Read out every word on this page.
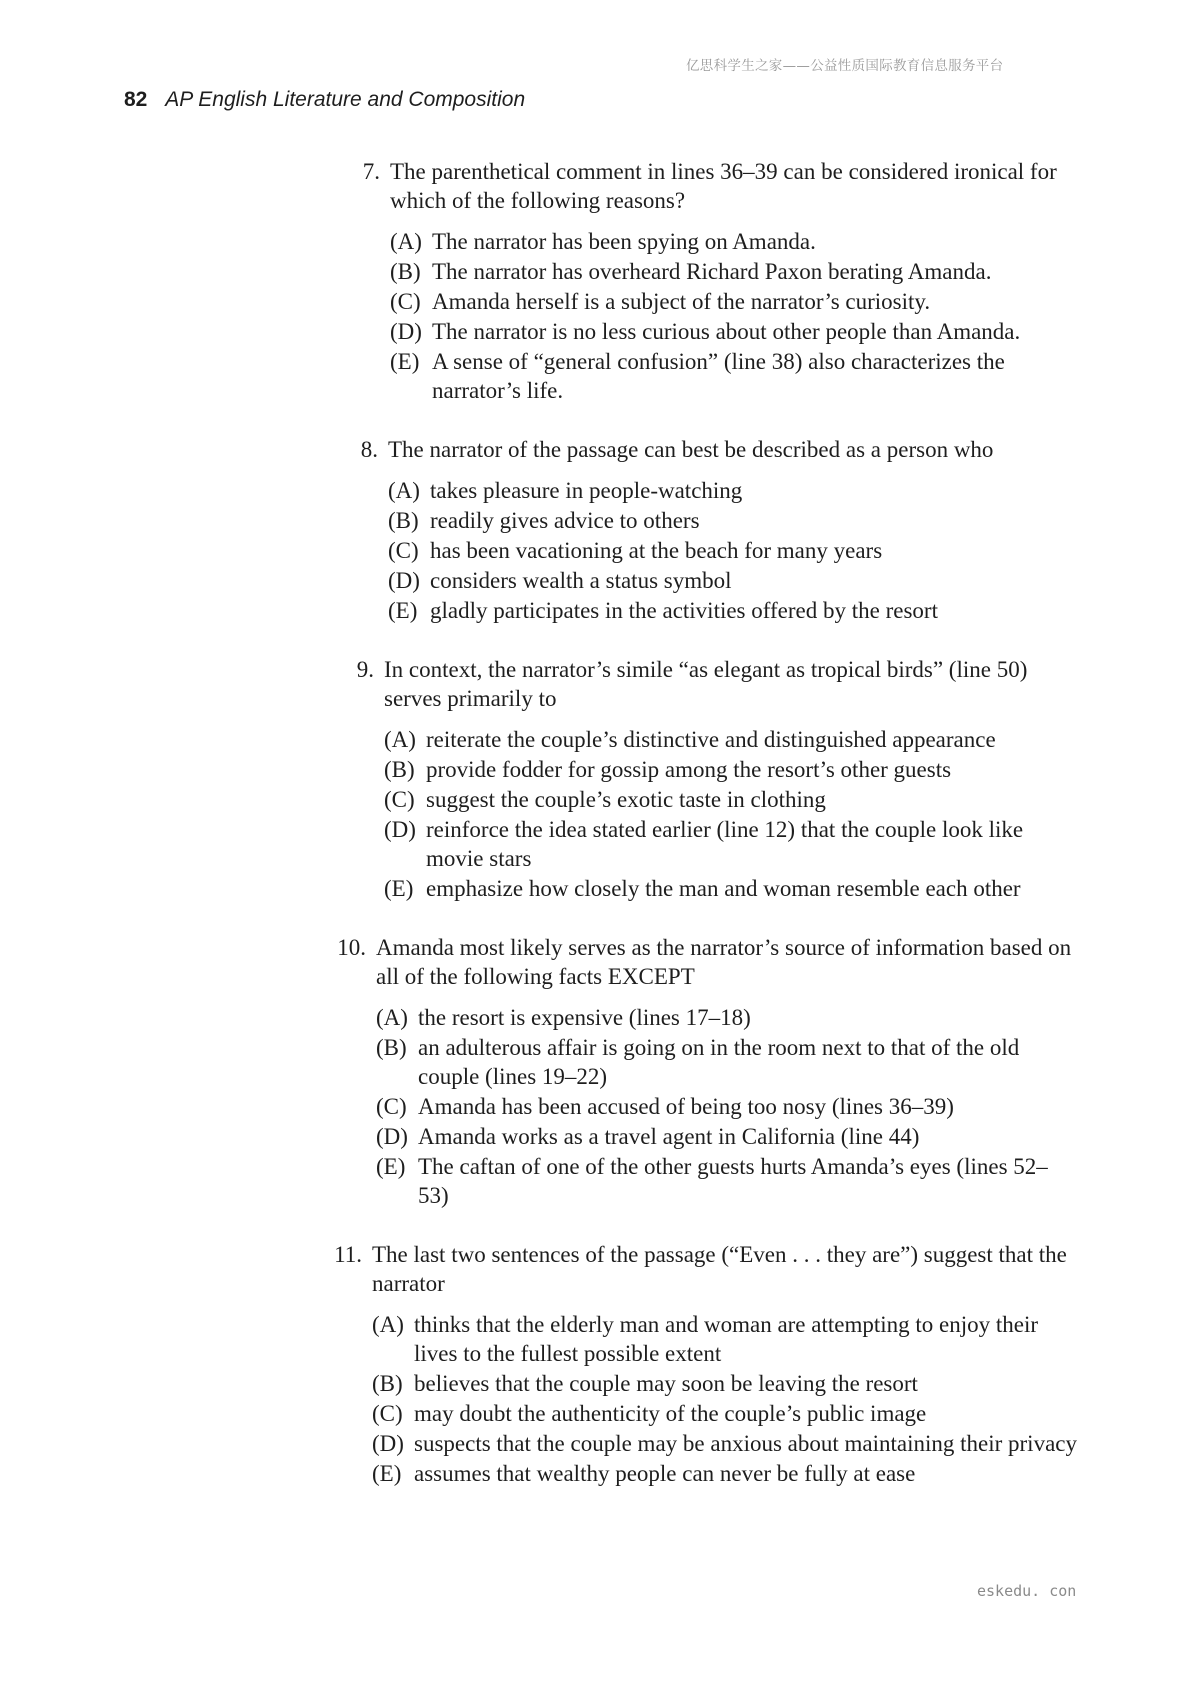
亿思科学生之家——公益性质国际教育信息服务平台
82 AP English Literature and Composition
7. The parenthetical comment in lines 36–39 can be considered ironical for which of the following reasons?
(A) The narrator has been spying on Amanda.
(B) The narrator has overheard Richard Paxon berating Amanda.
(C) Amanda herself is a subject of the narrator’s curiosity.
(D) The narrator is no less curious about other people than Amanda.
(E) A sense of “general confusion” (line 38) also characterizes the narrator’s life.
8. The narrator of the passage can best be described as a person who
(A) takes pleasure in people-watching
(B) readily gives advice to others
(C) has been vacationing at the beach for many years
(D) considers wealth a status symbol
(E) gladly participates in the activities offered by the resort
9. In context, the narrator’s simile “as elegant as tropical birds” (line 50) serves primarily to
(A) reiterate the couple’s distinctive and distinguished appearance
(B) provide fodder for gossip among the resort’s other guests
(C) suggest the couple’s exotic taste in clothing
(D) reinforce the idea stated earlier (line 12) that the couple look like movie stars
(E) emphasize how closely the man and woman resemble each other
10. Amanda most likely serves as the narrator’s source of information based on all of the following facts EXCEPT
(A) the resort is expensive (lines 17–18)
(B) an adulterous affair is going on in the room next to that of the old couple (lines 19–22)
(C) Amanda has been accused of being too nosy (lines 36–39)
(D) Amanda works as a travel agent in California (line 44)
(E) The caftan of one of the other guests hurts Amanda’s eyes (lines 52–53)
11. The last two sentences of the passage (“Even . . . they are”) suggest that the narrator
(A) thinks that the elderly man and woman are attempting to enjoy their lives to the fullest possible extent
(B) believes that the couple may soon be leaving the resort
(C) may doubt the authenticity of the couple’s public image
(D) suspects that the couple may be anxious about maintaining their privacy
(E) assumes that wealthy people can never be fully at ease
eskedu. con
